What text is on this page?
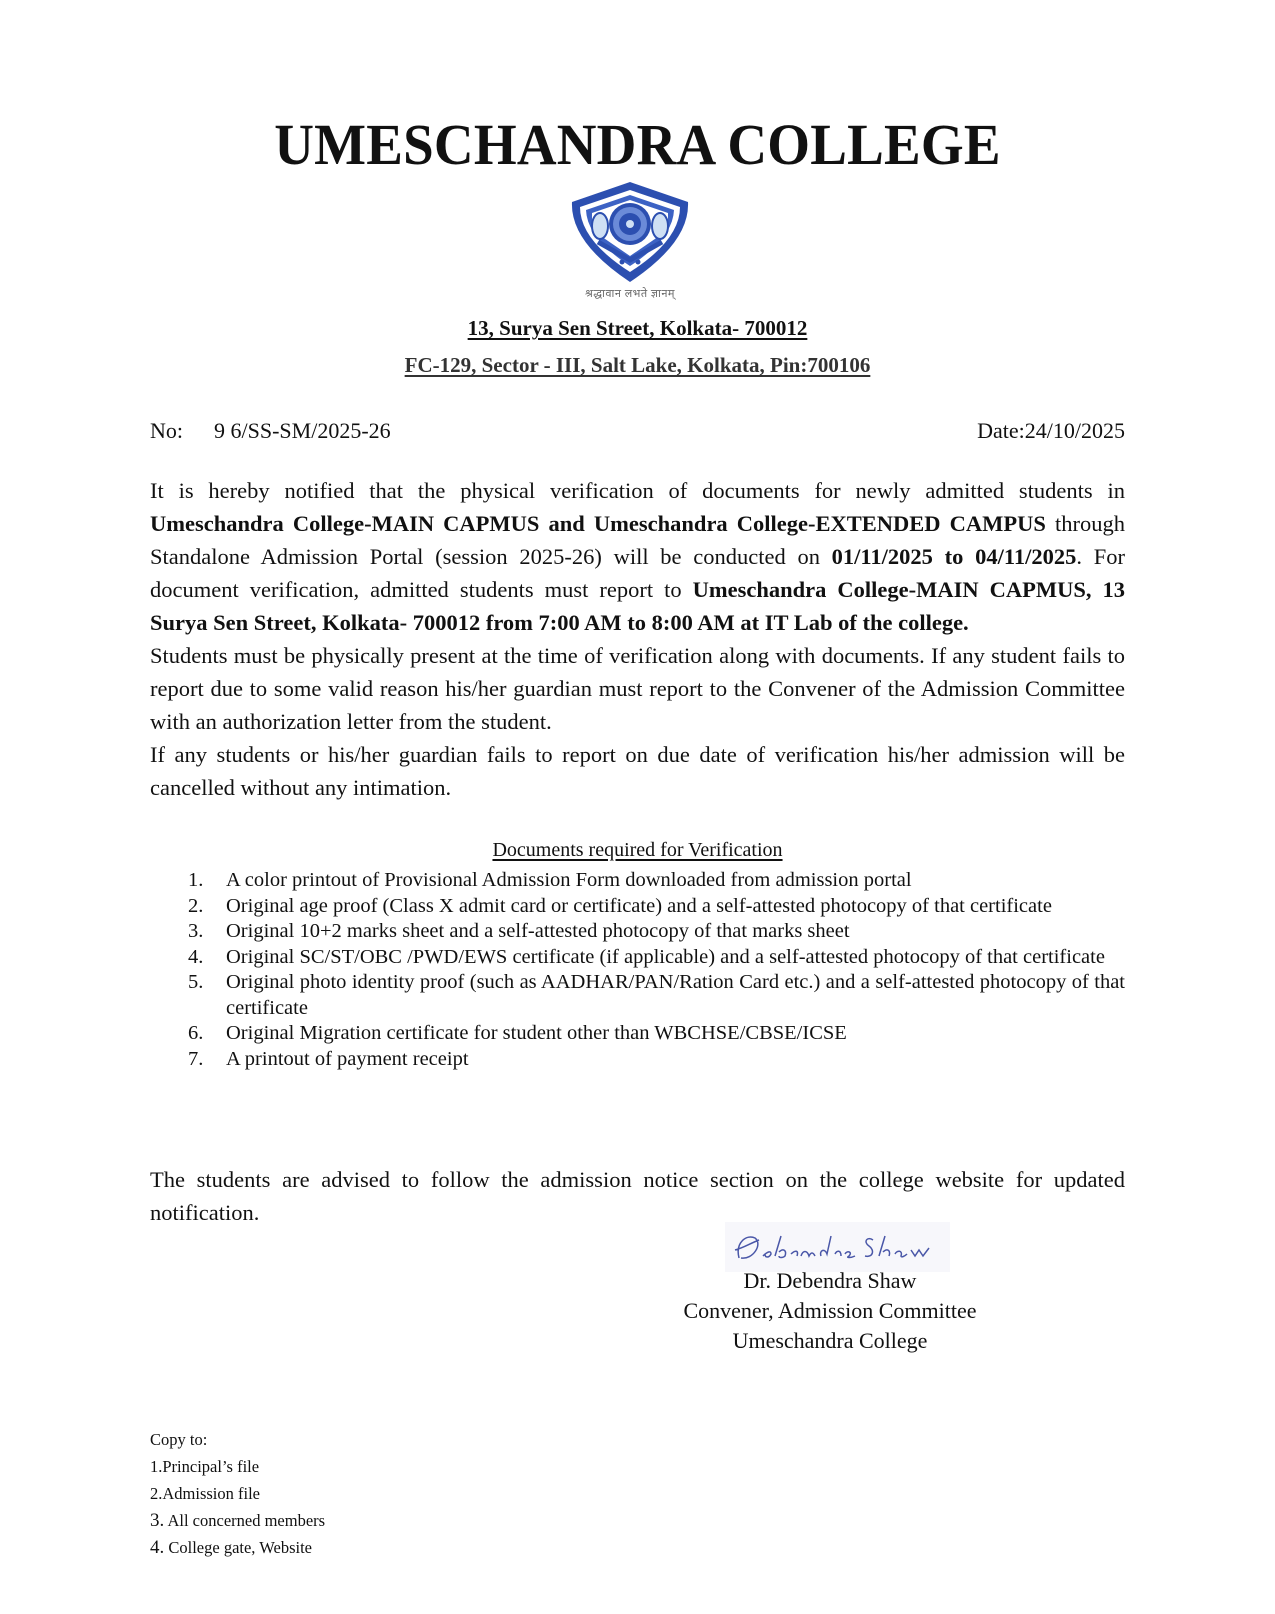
UMESCHANDRA COLLEGE
श्रद्धावान लभते ज्ञानम्
13, Surya Sen Street, Kolkata- 700012
FC-129, Sector - III, Salt Lake, Kolkata, Pin:700106
No: 9 6/SS-SM/2025-26	Date:24/10/2025

It is hereby notified that the physical verification of documents for newly admitted students in Umeschandra College-MAIN CAPMUS and Umeschandra College-EXTENDED CAMPUS through Standalone Admission Portal (session 2025-26) will be conducted on 01/11/2025 to 04/11/2025. For document verification, admitted students must report to Umeschandra College-MAIN CAPMUS, 13 Surya Sen Street, Kolkata- 700012 from 7:00 AM to 8:00 AM at IT Lab of the college.

Students must be physically present at the time of verification along with documents. If any student fails to report due to some valid reason his/her guardian must report to the Convener of the Admission Committee with an authorization letter from the student.

If any students or his/her guardian fails to report on due date of verification his/her admission will be cancelled without any intimation.

Documents required for Verification
1. A color printout of Provisional Admission Form downloaded from admission portal
2. Original age proof (Class X admit card or certificate) and a self-attested photocopy of that certificate
3. Original 10+2 marks sheet and a self-attested photocopy of that marks sheet
4. Original SC/ST/OBC /PWD/EWS certificate (if applicable) and a self-attested photocopy of that certificate
5. Original photo identity proof (such as AADHAR/PAN/Ration Card etc.) and a self-attested photocopy of that certificate
6. Original Migration certificate for student other than WBCHSE/CBSE/ICSE
7. A printout of payment receipt
The students are advised to follow the admission notice section on the college website for updated notification.
Dr. Debendra Shaw
Convener, Admission Committee
Umeschandra College
Copy to:
1.Principal’s file
2.Admission file
3. All concerned members
4. College gate, Website
